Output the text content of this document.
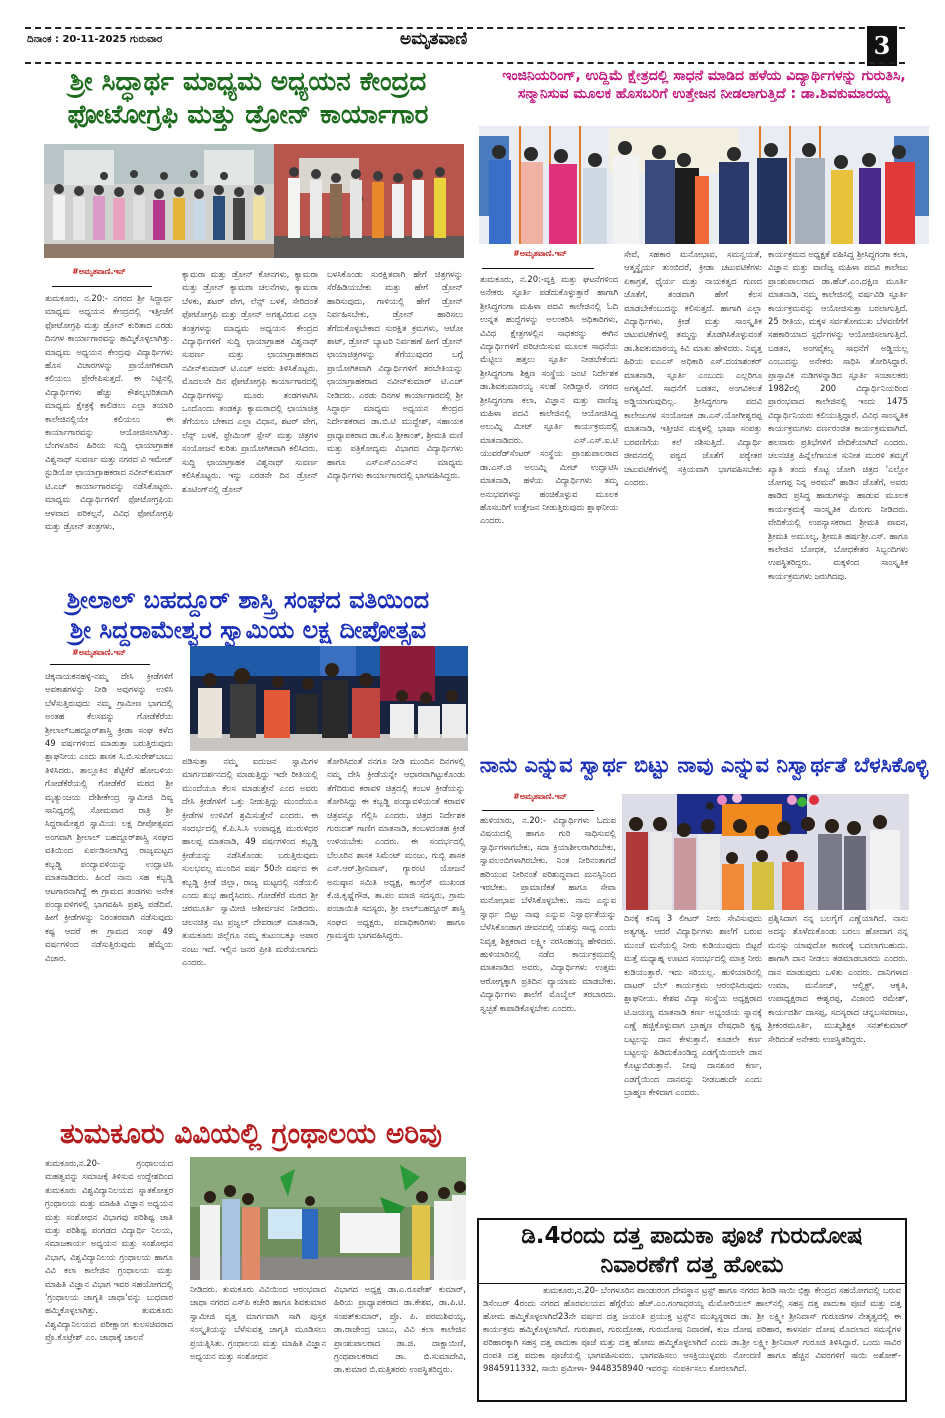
ದಿನಾಂಕ : 20-11-2025 ಗುರುವಾರ	ಅಮೃತವಾಣಿ	3
ಶ್ರೀ ಸಿದ್ಧಾರ್ಥ ಮಾಧ್ಯಮ ಅಧ್ಯಯನ ಕೇಂದ್ರದ
ಫೋಟೋಗ್ರಫಿ ಮತ್ತು ಡ್ರೋನ್ ಕಾರ್ಯಾಗಾರ
#ಅಮೃತವಾಣಿ.ಇನ್
ತುಮಕೂರು, ನ.20:- ನಗರದ ಶ್ರೀ ಸಿದ್ಧಾರ್ಥ ಮಾಧ್ಯಮ ಅಧ್ಯಯನ ಕೇಂದ್ರದಲ್ಲಿ ಇತ್ತೀಚೆಗೆ ಫೋಟೋಗ್ರಫಿ ಮತ್ತು ಡ್ರೋನ್ ಕುರಿತಾದ ಎರಡು ದಿನಗಳ ಕಾರ್ಯಾಗಾರವನ್ನು ಹಮ್ಮಿಕೊಳ್ಳಲಾಗಿತ್ತು. ಮಾಧ್ಯಮ ಅಧ್ಯಯನ ಕೇಂದ್ರವು ವಿದ್ಯಾರ್ಥಿಗಳು ಹೊಸ ವಿಚಾರಗಳನ್ನು ಪ್ರಾಯೋಗಿಕವಾಗಿ ಕಲಿಯಲು ಪ್ರೇರೇಪಿಸುತ್ತದೆ. ಈ ನಿಟ್ಟಿನಲ್ಲಿ ವಿದ್ಯಾರ್ಥಿಗಳು ಹೆಚ್ಚು ಕೌಶಲ್ಯಭರಿತವಾಗಿ ಮಾಧ್ಯಮ ಕ್ಷೇತ್ರಕ್ಕೆ ಕಾಲಿಡಲು ಎಲ್ಲಾ ತಯಾರಿ ಕಾಲೇಜಿನಲ್ಲಿಯೇ ಕಲಿಯಲು ಈ ಕಾರ್ಯಾಗಾರವನ್ನು ಆಯೋಜಿಸಲಾಗಿತ್ತು. ಬೆಂಗಳೂರಿನ ಹಿರಿಯ ಸುದ್ದಿ ಛಾಯಾಗ್ರಾಹಕ ವಿಶ್ವನಾಥ್ ಸುವರ್ಣ ಮತ್ತು ನಗರದ ವಿ ಇಮೇಜ್ ಸ್ಟುಡಿಯೋ ಛಾಯಾಗ್ರಾಹಕರಾದ ನವೀನ್‌ಕುಮಾರ್ ಟಿ.ಎಚ್ ಕಾರ್ಯಾಗಾರವನ್ನು ನಡೆಸಿಕೊಟ್ಟರು. ಮಾಧ್ಯಮ ವಿದ್ಯಾರ್ಥಿಗಳಿಗೆ ಫೋಟೋಗ್ರಫಿಯ ಆಳವಾದ ಪರಿಕಲ್ಪನೆ, ವಿವಿಧ ಫೋಟೋಗ್ರಫಿ ಮತ್ತು ಡ್ರೋನ್ ತಂತ್ರಗಳು,
ಕ್ಯಾಮರಾ ಮತ್ತು ಡ್ರೋನ್ ಕೋನಗಳು, ಕ್ಯಾಮರಾ ಮತ್ತು ಡ್ರೋನ್ ಕ್ಯಾಮರಾ ಚಲನೆಗಳು, ಕ್ಯಾಮರಾ ಬೆಳಕು, ಶಟರ್ ವೇಗ, ಲೆನ್ಸ್ ಬಳಕೆ, ಸೇರಿದಂತೆ ಫೋಟೋಗ್ರಫಿ ಮತ್ತು ಡ್ರೋನ್ ಅಗತ್ಯವಿರುವ ಎಲ್ಲಾ ತಂತ್ರಗಳನ್ನು ಮಾಧ್ಯಮ ಅಧ್ಯಯನ ಕೇಂದ್ರದ ವಿದ್ಯಾರ್ಥಿಗಳಿಗೆ ಸುದ್ದಿ ಛಾಯಾಗ್ರಾಹಕ ವಿಶ್ವನಾಥ್ ಸುವರ್ಣ ಮತ್ತು ಛಾಯಾಗ್ರಾಹಕರಾದ ನವೀನ್‌ಕುಮಾರ್ ಟಿ.ಎಚ್ ಅವರು ತಿಳಿಸಿಕೊಟ್ಟರು. ಮೊದಲನೇ ದಿನ ಫೋಟೋಗ್ರಫಿ ಕಾರ್ಯಾಗಾರದಲ್ಲಿ ವಿದ್ಯಾರ್ಥಿಗಳನ್ನು ಮೂರು ತಂಡಗಳಾಗಿಸಿ ಒಂದೊಂದು ತಂಡಕ್ಕೂ ಕ್ಯಾಮರಾದಲ್ಲಿ ಛಾಯಾಚಿತ್ರ ತೆಗೆಯಲು ಬೇಕಾದ ಎಲ್ಲಾ ವಿಧಾನ, ಶಟರ್ ವೇಗ, ಲೆನ್ಸ್ ಬಳಕೆ, ಫ್ರೇಮಿಂಗ್ ಸ್ಪೇಸ್ ಮತ್ತು ಚಿತ್ರಗಳ ಸಂಯೋಜನೆ ಕುರಿತು ಪ್ರಾಯೋಗಿಕವಾಗಿ ಕಲಿಸಿದರು. ಸುದ್ದಿ ಛಾಯಾಗ್ರಾಹಕ ವಿಶ್ವನಾಥ್ ಸುವರ್ಣ ಕಲಿಸಿಕೊಟ್ಟರು. ಇನ್ನು ಎರಡನೇ ದಿನ ಡ್ರೋನ್ ಶೂಟಿಂಗ್‌ನಲ್ಲಿ ಡ್ರೋನ್
ಬಳಸಿಕೊಂಡು ಸುರಕ್ಷಿತವಾಗಿ ಹೇಗೆ ಚಿತ್ರಗಳನ್ನು ಸೆರೆಹಿಡಿಯಬೇಕು ಮತ್ತು ಹೇಗೆ ಡ್ರೋನ್ ಹಾರಿಸುವುದು, ಗಾಳಿಯಲ್ಲಿ ಹೇಗೆ ಡ್ರೋನ್ ನಿರ್ವಹಿಸಬೇಕು, ಡ್ರೋನ್ ಹಾರಿಸಲು ತೆಗೆದುಕೊಳ್ಳಬೇಕಾದ ಸುರಕ್ಷಿತ ಕ್ರಮಗಳು, ಆಟೋ ಶಾಟ್, ಡ್ರೋನ್ ಬ್ಯಾಟರಿ ನಿರ್ವಹಣೆ ಹೀಗೆ ಡ್ರೋನ್ ಛಾಯಾಚಿತ್ರಗಳನ್ನು ತೆಗೆಯುವುದರ ಬಗ್ಗೆ ಪ್ರಾಯೋಗಿಕವಾಗಿ ವಿದ್ಯಾರ್ಥಿಗಳಿಗೆ ತರಬೇತಿಯನ್ನು ಛಾಯಾಗ್ರಾಹಕರಾದ ನವೀನ್‌ಕುಮಾರ್ ಟಿ.ಎಚ್ ನೀಡಿದರು. ಎರಡು ದಿನಗಳ ಕಾರ್ಯಾಗಾರದಲ್ಲಿ ಶ್ರೀ ಸಿದ್ಧಾರ್ಥ ಮಾಧ್ಯಮ ಅಧ್ಯಯನ ಕೇಂದ್ರದ ನಿರ್ದೇಶಕರಾದ ಡಾ.ಬಿ.ಟಿ ಮುದ್ದೇಶ್, ಸಹಾಯಕ ಪ್ರಾಧ್ಯಾಪಕರಾದ ಡಾ.ಕೆ.ಎ ಶ್ರೀಕಾಂತ್, ಶ್ರೀಮತಿ ಮಣಿ ಮತ್ತು ಪತ್ರಿಕೋದ್ಯಮ ವಿಭಾಗದ ವಿದ್ಯಾರ್ಥಿಗಳು ಹಾಗೂ ಎಸ್‌ಎಸ್‌ಎಂಎಸ್‌ನ ಮಾಧ್ಯಮ ವಿದ್ಯಾರ್ಥಿಗಳು ಕಾರ್ಯಾಗಾರದಲ್ಲಿ ಭಾಗವಹಿಸಿದ್ದರು.
ಇಂಜಿನಿಯರಿಂಗ್, ಉದ್ದಿಮೆ ಕ್ಷೇತ್ರದಲ್ಲಿ ಸಾಧನೆ ಮಾಡಿದ ಹಳೆಯ ವಿದ್ಯಾರ್ಥಿಗಳನ್ನು ಗುರುತಿಸಿ,
ಸನ್ಮಾನಿಸುವ ಮೂಲಕ ಹೊಸಬರಿಗೆ ಉತ್ತೇಜನ ನೀಡಲಾಗುತ್ತಿದೆ : ಡಾ.ಶಿವಕುಮಾರಯ್ಯ
#ಅಮೃತವಾಣಿ.ಇನ್
ತುಮಕೂರು, ನ.20:-ವ್ಯಕ್ತಿ ಮತ್ತು ಘಟನೆಗಳಿಂದ ಅನೇಕರು ಸ್ಫೂರ್ತಿ ಪಡೆದುಕೊಳ್ಳುತ್ತಾರೆ ಹಾಗಾಗಿ ಶ್ರೀಸಿದ್ಧಗಂಗಾ ಮಹಿಳಾ ಪದವಿ ಕಾಲೇಜಿನಲ್ಲಿ ಓದಿ ಉನ್ನತ ಹುದ್ದೆಗಳನ್ನು ಅಲಂಕರಿಸಿ ಅಧಿಕಾರಿಗಳು, ವಿವಿಧ ಕ್ಷೇತ್ರಗಳಲ್ಲಿನ ಸಾಧಕರನ್ನು ಈಗಿನ ವಿದ್ಯಾರ್ಥಿಗಳಿಗೆ ಪರಿಚಯಿಸುವ ಮೂಲಕ ಸಾಧನೆಯ ಮೆಟ್ಟಿಲು ಹತ್ತಲು ಸ್ಫೂರ್ತಿ ನೀಡಬೇಕೆಂದು ಶ್ರೀಸಿದ್ಧಗಂಗಾ ಶಿಕ್ಷಣ ಸಂಸ್ಥೆಯ ಜಂಟಿ ನಿರ್ದೇಶಕ ಡಾ.ಶಿವಕುಮಾರಯ್ಯ ಸಲಹೆ ನೀಡಿದ್ದಾರೆ. ನಗರದ ಶ್ರೀಸಿದ್ಧಗಂಗಾ ಕಲಾ, ವಿಜ್ಞಾನ ಮತ್ತು ವಾಣಿಜ್ಯ ಮಹಿಳಾ ಪದವಿ ಕಾಲೇಜಿನಲ್ಲಿ ಆಯೋಜಿಸಿದ್ದ ಅಲುಮ್ನಿ ಮೀಟ್ ಸ್ಫೂರ್ತಿ ಕಾರ್ಯಕ್ರಮದಲ್ಲಿ ಮಾತನಾಡಿದರು. ಎಸ್.ಎಸ್.ಐ.ಟಿ ಯುವರೆಡ್‌ಸೆಂಟರ್ ಸಂಸ್ಥೆಯ ಪ್ರಾಂಶುಪಾಲರಾದ ಡಾ.ಎಸ್.ಜಿ ಅಲುಮ್ನಿ ಮೀಟ್ ಉದ್ಘಾಟಿಸಿ ಮಾತನಾಡಿ, ಹಳೆಯ ವಿದ್ಯಾರ್ಥಿಗಳು ತಮ್ಮ ಅನುಭವಗಳನ್ನು ಹಂಚಿಕೊಳ್ಳುವ ಮೂಲಕ ಹೊಸಬರಿಗೆ ಉತ್ತೇಜನ ನೀಡುತ್ತಿರುವುದು ಶ್ಲಾಘನೀಯ ಎಂದರು.
ಸೇವೆ, ಸಹಕಾರ ಮನೋಭಾವ, ಸಮನ್ವಯತೆ, ಆತ್ಮಸ್ಥೈರ್ಯ ತುಂಬಿದರೆ, ಕ್ರೀಡಾ ಚಟುವಟಿಕೆಗಳು ಏಕಾಗ್ರತೆ, ಧೈರ್ಯ ಮತ್ತು ನಾಯಕತ್ವದ ಗುಣದ ಜೊತೆಗೆ, ತಂಡವಾಗಿ ಹೇಗೆ ಕೆಲಸ ಮಾಡಬೇಕೆಂಬುದನ್ನು ಕಲಿಸುತ್ತದೆ. ಹಾಗಾಗಿ ಎಲ್ಲಾ ವಿದ್ಯಾರ್ಥಿಗಳು, ಕ್ರೀಡೆ ಮತ್ತು ಸಾಂಸ್ಕೃತಿಕ ಚಟುವಟಿಕೆಗಳಲ್ಲಿ ತಮ್ಮನ್ನು ತೊಡಗಿಸಿಕೊಳ್ಳುವಂತೆ ಡಾ.ಶಿವಕುಮಾರಯ್ಯ ಕಿವಿ ಮಾತು ಹೇಳಿದರು. ನಿವೃತ್ತ ಹಿರಿಯ ಐಎಎಸ್ ಅಧಿಕಾರಿ ಎಸ್.ದಯಾಶಂಕರ್ ಮಾತನಾಡಿ, ಸ್ಫೂರ್ತಿ ಎಂಬುದು ಎಲ್ಲರಿಗೂ ಅಗತ್ಯವಿದೆ. ಸಾಧನೆಗೆ ಬಡತನ, ಅಂಗವಿಕಲತೆ ಅಡ್ಡಿಯಾಗುವುದಿಲ್ಲ. ಶ್ರೀಸಿದ್ಧಗಂಗಾ ಪದವಿ ಕಾಲೇಜುಗಳ ಸಂಯೋಜಕ ಡಾ.ಎಸ್.ಯೋಗೀಶ್ವರಪ್ಪ ಮಾತನಾಡಿ, ಇತ್ತೀಚಿನ ಮಕ್ಕಳಲ್ಲಿ ಭಾಷಾ ಸಂಪತ್ತು ಬರವಣಿಗೆಯ ಕಲೆ ನಶಿಸುತ್ತಿದೆ. ವಿದ್ಯಾರ್ಥಿ ಜೀವನದಲ್ಲಿ ಪಠ್ಯದ ಜೊತೆಗೆ ಪಠ್ಯೇತರ ಚಟುವಟಿಕೆಗಳಲ್ಲಿ ಸಕ್ರಿಯವಾಗಿ ಭಾಗವಹಿಸಬೇಕು ಎಂದರು.
ಕಾರ್ಯಕ್ರಮದ ಅಧ್ಯಕ್ಷತೆ ವಹಿಸಿದ್ದ ಶ್ರೀಸಿದ್ಧಗಂಗಾ ಕಲಾ, ವಿಜ್ಞಾನ ಮತ್ತು ವಾಣಿಜ್ಯ ಮಹಿಳಾ ಪದವಿ ಕಾಲೇಜು ಪ್ರಾಂಶುಪಾಲರಾದ ಡಾ.ಹೆಚ್.ಎಂ.ದಕ್ಷಿಣ ಮೂರ್ತಿ ಮಾತನಾಡಿ, ನಮ್ಮ ಕಾಲೇಜಿನಲ್ಲಿ ವರ್ಷವಿಡಿ ಸ್ಫೂರ್ತಿ ಕಾರ್ಯಕ್ರಮವನ್ನು ಆಯೋಜಿಸುತ್ತಾ ಬರಲಾಗುತ್ತಿದೆ. 25 ರೀತಿಯ, ಮಕ್ಕಳ ಸರ್ವತೋಮುಖ ಬೆಳವಣಿಗೆಗೆ ಸಹಕಾರಿಯಾದ ಸ್ಪರ್ಧೆಗಳನ್ನು ಆಯೋಜಿಸಲಾಗುತ್ತಿದೆ. ಬಡತನ, ಅಂಗವೈಕಲ್ಯ ಸಾಧನೆಗೆ ಅಡ್ಡಿಯಲ್ಲ ಎಂಬುದನ್ನು ಅನೇಕರು ಸಾಧಿಸಿ ತೋರಿಸಿದ್ದಾರೆ. ಪ್ರಾಸ್ತಾವಿಕ ನುಡಿಗಳನ್ನಾಡಿದ ಸ್ಫೂರ್ತಿ ಸಂಚಾಲಕರು 1982ರಲ್ಲಿ 200 ವಿದ್ಯಾರ್ಥಿನಿಯರಿಂದ ಪ್ರಾರಂಭವಾದ ಕಾಲೇಜಿನಲ್ಲಿ ಇಂದು 1475 ವಿದ್ಯಾರ್ಥಿನಿಯರು ಕಲಿಯುತ್ತಿದ್ದಾರೆ. ವಿವಿಧ ಸಾಂಸ್ಕೃತಿಕ ಕಾರ್ಯಕ್ರಮಗಳು ವರ್ಣರಂಜಿತ ಕಾರ್ಯಕ್ರಮವಾಗಿದೆ. ಹಲವಾರು ಪ್ರತಿಭೆಗಳಿಗೆ ವೇದಿಕೆಯಾಗಿದೆ ಎಂದರು. ಚಲನಚಿತ್ರ ಹಿನ್ನೆಲೆಗಾಯಕ ಸುನೀತ ಮುರಳಿ ತಮ್ಮಗೆ ಖ್ಯಾತಿ ತಂದು ಕೊಟ್ಟ ಜೋಗಿ ಚಿತ್ರದ 'ಎಲ್ಲೋ ಜೋಗಪ್ಪ ನಿನ್ನ ಅರಮನೆ' ಹಾಡಿನ ಜೊತೆಗೆ, ಅವರು ಹಾಡಿದ ಪ್ರಸಿದ್ಧ ಹಾಡುಗಳನ್ನು ಹಾಡುವ ಮೂಲಕ ಕಾರ್ಯಕ್ರಮಕ್ಕೆ ಸಾಂಸ್ಕೃತಿಕ ಮೆರುಗು ನೀಡಿದರು. ವೇದಿಕೆಯಲ್ಲಿ ಉಪನ್ಯಾಸಕರಾದ ಶ್ರೀಮತಿ ಪಾವನ, ಶ್ರೀಮತಿ ಅಮೂಲ್ಯ, ಶ್ರೀಮತಿ ಹರ್ಷಶ್ರೀ.ಎಸ್. ಹಾಗೂ ಕಾಲೇಜಿನ ಬೋಧಕ, ಬೋಧಕೇತರ ಸಿಬ್ಬಂದಿಗಳು ಉಪಸ್ಥಿತರಿದ್ದರು. ಮಕ್ಕಳಿಂದ ಸಾಂಸ್ಕೃತಿಕ ಕಾರ್ಯಕ್ರಮಗಳು ಜರುಗಿದವು.
ಶ್ರೀಲಾಲ್ ಬಹದ್ದೂರ್ ಶಾಸ್ತ್ರಿ ಸಂಘದ ವತಿಯಿಂದ
ಶ್ರೀ ಸಿದ್ದರಾಮೇಶ್ವರ ಸ್ವಾಮಿಯ ಲಕ್ಷ ದೀಪೋತ್ಸವ
#ಅಮೃತವಾಣಿ.ಇನ್
ಚಿಕ್ಕನಾಯಕನಹಳ್ಳಿ-ನಮ್ಮ ದೇಸಿ ಕ್ರೀಡೆಗಳಿಗೆ ಅವಕಾಶಗಳನ್ನು ನೀಡಿ ಅವುಗಳನ್ನು ಉಳಿಸಿ ಬೆಳೆಸುತ್ತಿರುವುದು ನಮ್ಮ ಗ್ರಾಮೀಣ ಭಾಗದಲ್ಲಿ ಅಂತಹ ಕೆಲಸವನ್ನು ಗೋಡೆಕೆರೆಯ ಶ್ರೀಲಾಲ್‌ಬಹದ್ದೂರ್‌ಶಾಸ್ತ್ರಿ ಕ್ರೀಡಾ ಸಂಘ ಕಳೆದ 49 ವರ್ಷಗಳಿಂದ ಮಾಡುತ್ತಾ ಬರುತ್ತಿರುವುದು ಶ್ಲಾಘನೀಯ ಎಂದು ಶಾಸಕ ಸಿ.ಬಿ.ಸುರೇಶ್‌ಬಾಬು ತಿಳಿಸಿದರು. ತಾಲ್ಲೂಕಿನ ಶೆಟ್ಟಿಕೆರೆ ಹೋಬಳಿಯ ಗೋಡೆಕೆರೆಯಲ್ಲಿ ಗೋಡೆಕೆರೆ ಮಠದ ಶ್ರೀ ಮೃತ್ಯುಂಜಯ ದೇಶೀಕೇಂದ್ರ ಸ್ವಾಮೀಜಿ ದಿವ್ಯ ಸಾನಿಧ್ಯದಲ್ಲಿ ಸೋಮವಾರ ರಾತ್ರಿ ಶ್ರೀ ಸಿದ್ದರಾಮೇಶ್ವರ ಸ್ವಾಮಿಯ ಲಕ್ಷ ದೀಪೋತ್ಸವದ ಅಂಗವಾಗಿ ಶ್ರೀಲಾಲ್ ಬಹದ್ದೂರ್‌ಶಾಸ್ತ್ರಿ ಸಂಘದ ವತಿಯಿಂದ ಏರ್ಪಡಿಸಲಾಗಿದ್ದ ರಾಜ್ಯಮಟ್ಟದ ಕಬ್ಬಡ್ಡಿ ಪಂದ್ಯಾವಳಿಯನ್ನು ಉದ್ಘಾಟಿಸಿ ಮಾತನಾಡಿದರು. ಹಿಂದೆ ನಾನು ಸಹ ಕಬ್ಬಡ್ಡಿ ಆಟಗಾರನಾಗಿದ್ದೆ ಈ ಗ್ರಾಮದ ತಂಡಗಳು ಅನೇಕ ಪಂದ್ಯಾವಳಿಗಳಲ್ಲಿ ಭಾಗವಹಿಸಿ ಪ್ರಶಸ್ತಿ ಪಡೆದಿವೆ. ಹೀಗೆ ಕ್ರೀಡೆಗಳನ್ನು ನಿರಂತರವಾಗಿ ನಡೆಸುವುದು ಕಷ್ಟ ಆದರೆ ಈ ಗ್ರಾಮದ ಸಂಘ 49 ವರ್ಷಗಳಿಂದ ನಡೆಸುತ್ತಿರುವುದು ಹೆಮ್ಮೆಯ ವಿಚಾರ.
ಪಡಿಸುತ್ತಾ ನಮ್ಮ ಐದುಜನ ಸ್ವಾಮಿಗಳ ಮಾರ್ಗದರ್ಶನದಲ್ಲಿ ಮಾಡುತ್ತಿದ್ದು ಇದೇ ರೀತಿಯಲ್ಲಿ ಮುಂದೆಯೂ ಕೆಲಸ ಮಾಡುತ್ತೇನೆ ಎಂದ ಅವರು ದೇಸಿ ಕ್ರೀಡೆಗಳಿಗೆ ಒತ್ತು ನೀಡುತ್ತಿದ್ದು ಮುಂದೆಯೂ ಕ್ರೀಡೆಗಳ ಉಳಿವಿಗೆ ಶ್ರಮಿಸುತ್ತೇನೆ ಎಂದರು. ಈ ಸಂದರ್ಭದಲ್ಲಿ ಕೆ.ಪಿ.ಸಿ.ಸಿ ಉಪಾಧ್ಯಕ್ಷ ಮುರುಳಿಧರ ಹಾಲಪ್ಪ ಮಾತನಾಡಿ, 49 ವರ್ಷಗಳಿಂದ ಕಬ್ಬಡ್ಡಿ ಕ್ರೀಡೆಯನ್ನು ನಡೆಸಿಕೊಂಡು ಬರುತ್ತಿರುವುದು ಸುಲಭವಲ್ಲ ಮುಂದಿನ ವರ್ಷ 50ನೇ ವರ್ಷದ ಈ ಕಬ್ಬಡ್ಡಿ ಕ್ರೀಡೆ ಜಿಲ್ಲಾ, ರಾಜ್ಯ ಮಟ್ಟದಲ್ಲಿ ನಡೆಯಲಿ ಎಂದು ಶುಭ ಹಾರೈಸಿದರು. ಗೋಡೆಕೆರೆ ಮಠದ ಶ್ರೀ ಚರಮೂರ್ತಿ ಸ್ವಾಮೀಜಿ ಆಶೀರ್ವಚನ ನೀಡಿದರು. ಚಲನಚಿತ್ರ ನಟ ಪ್ರಜ್ವಲ್ ದೇವರಾಜ್ ಮಾತನಾಡಿ, ತುಮಕೂರು ಜಿಲ್ಲೆಗೂ ನಮ್ಮ ಕುಟುಂಬಕ್ಕೂ ಅಪಾರ ನಂಟು ಇದೆ. ಇಲ್ಲಿನ ಜನರ ಪ್ರೀತಿ ಮರೆಯಲಾಗದು ಎಂದರು.
ತೋರಿಸಿದಂತೆ ನನಗೂ ನೀಡಿ ಮುಂದಿನ ದಿನಗಳಲ್ಲಿ ನಮ್ಮ ದೇಸಿ ಕ್ರೀಡೆಯನ್ನೇ ಆಧಾರವಾಗಿಟ್ಟುಕೊಂಡು ತೆಗೆದಿರುವ ಕರಾವಳಿ ಚಿತ್ರದಲ್ಲಿ ಕಂಬಳ ಕ್ರೀಡೆಯನ್ನು ತೋರಿಸಿದ್ದು ಈ ಕಬ್ಬಡ್ಡಿ ಪಂದ್ಯಾವಳಿಯಂತೆ ಕರಾವಳಿ ಚಿತ್ರವನ್ನೂ ಗೆಲ್ಲಿಸಿ ಎಂದರು. ಚಿತ್ರದ ನಿರ್ದೇಶಕ ಗುರುದತ್ ಗಾಣಿಗ ಮಾತನಾಡಿ, ಕಂಬಳದಂತಹ ಕ್ರೀಡೆ ಉಳಿಯಬೇಕು ಎಂದರು. ಈ ಸಂದರ್ಭದಲ್ಲಿ ಬೆಲೂರಿನ ಶಾಸಕ ಸಿಮೆಂಟ್ ಮಂಜು, ಗುಬ್ಬಿ ಶಾಸಕ ಎಸ್.ಆರ್.ಶ್ರೀನಿವಾಸ್, ಗ್ಯಾರಂಟಿ ಯೋಜನೆ ಅನುಷ್ಠಾನ ಸಮಿತಿ ಅಧ್ಯಕ್ಷ, ಕಾಂಗ್ರೆಸ್ ಮುಖಂಡ ಕೆ.ಜಿ.ಕೃಷ್ಣೆಗೌಡ, ತಾ.ಪಂ ಮಾಜಿ ಸದಸ್ಯರು, ಗ್ರಾಮ ಪಂಚಾಯಿತಿ ಸದಸ್ಯರು, ಶ್ರೀ ಲಾಲ್‌ಬಹದ್ದೂರ್ ಶಾಸ್ತ್ರಿ ಸಂಘದ ಅಧ್ಯಕ್ಷರು, ಪದಾಧಿಕಾರಿಗಳು ಹಾಗೂ ಗ್ರಾಮಸ್ಥರು ಭಾಗವಹಿಸಿದ್ದರು.
ನಾನು ಎನ್ನುವ ಸ್ವಾರ್ಥ ಬಿಟ್ಟು ನಾವು ಎನ್ನುವ ನಿಸ್ವಾರ್ಥತೆ ಬೆಳಸಿಕೊಳ್ಳಿ
#ಅಮೃತವಾಣಿ.ಇನ್
ಹುಳಿಯಾರು, ನ.20:- ವಿದ್ಯಾರ್ಥಿಗಳು ಓದುವ ವಿಷಯದಲ್ಲಿ ಹಾಗೂ ಗುರಿ ಸಾಧಿಸುವಲ್ಲಿ ಸ್ವಾರ್ಥಿಗಳಾಗಬೇಕು, ಸದಾ ಕ್ರಿಯಾಶೀಲರಾಗಿರಬೇಕು, ಸ್ವಾವಲಂಬಿಗಳಾಗಿರಬೇಕು. ನಿಂತ ನೀರಿನಂತಾಗದೆ ಹರಿಯುವ ನೀರಿನಂತೆ ಪರಿಶುದ್ಧವಾದ ಮನಸ್ಸಿನಿಂದ ಇರಬೇಕು. ಪ್ರಾಮಾಣಿಕತೆ ಹಾಗೂ ಸೇವಾ ಮನೋಭಾವ ಬೆಳೆಸಿಕೊಳ್ಳಬೇಕು. ನಾನು ಎನ್ನುವ ಸ್ವಾರ್ಥ ಬಿಟ್ಟು ನಾವು ಎನ್ನುವ ನಿಸ್ವಾರ್ಥತೆಯನ್ನು ಬೆಳೆಸಿಕೊಂಡಾಗ ಜೀವನದಲ್ಲಿ ಯಶಸ್ಸು ಸಾಧ್ಯ ಎಂದು ನಿವೃತ್ತ ಶಿಕ್ಷಕರಾದ ಲಕ್ಷ್ಮೀ ನರಸಿಂಹಯ್ಯ ಹೇಳಿದರು. ಹುಳಿಯಾರಿನಲ್ಲಿ ನಡೆದ ಕಾರ್ಯಕ್ರಮದಲ್ಲಿ ಮಾತನಾಡಿದ ಅವರು, ವಿದ್ಯಾರ್ಥಿಗಳು ಉತ್ತಮ ಆರೋಗ್ಯಕ್ಕಾಗಿ ಪ್ರತಿದಿನ ವ್ಯಾಯಾಮ ಮಾಡಬೇಕು. ವಿದ್ಯಾರ್ಥಿಗಳು ಶಾಲೆಗೆ ಮೊಬೈಲ್ ತರಬಾರದು. ಸ್ವಚ್ಛತೆ ಕಾಪಾಡಿಕೊಳ್ಳಬೇಕು ಎಂದರು.
ದಿನಕ್ಕೆ ಕನಿಷ್ಠ 3 ಲೀಟರ್ ನೀರು ಸೇವಿಸುವುದು ಅತ್ಯಗತ್ಯ. ಆದರೆ ವಿದ್ಯಾರ್ಥಿಗಳು ಶಾಲೆಗೆ ಬರುವ ಮುಂಚೆ ಮನೆಯಲ್ಲಿ ನೀರು ಕುಡಿಯುವುದು ಬಿಟ್ಟರೆ ಮತ್ತೆ ಮಧ್ಯಾಹ್ನ ಊಟದ ಸಂದರ್ಭದಲ್ಲಿ ಮಾತ್ರ ನೀರು ಕುಡಿಯುತ್ತಾರೆ. ಇದು ಸರಿಯಲ್ಲ. ಹುಳಿಯಾರಿನಲ್ಲಿ ವಾಟರ್ ಬೆಲ್ ಕಾರ್ಯಕ್ರಮ ಆರಂಭಿಸಿರುವುದು ಶ್ಲಾಘನೀಯ. ಕೇಶವ ವಿದ್ಯಾ ಸಂಸ್ಥೆಯ ಅಧ್ಯಕ್ಷರಾದ ಟಿ.ಜಯಣ್ಣ ಮಾತನಾಡಿ ಕರ್ಣ ಅಭ್ಯಂಜಿಯ ಸ್ನಾನಕ್ಕೆ ಎಣ್ಣೆ ಹಚ್ಚಿಕೊಳ್ಳುವಾಗ ಬ್ರಾಹ್ಮಣ ವೇಷಧಾರಿ ಕೃಷ್ಣ ಬಟ್ಟಲನ್ನು ದಾನ ಕೇಳುತ್ತಾನೆ. ಕೂಡಲೇ ಕರ್ಣ ಬಟ್ಟಲನ್ನು ಹಿಡಿದುಕೊಂಡಿದ್ದ ಎಡಗೈಯಿಂದಲೇ ದಾನ ಕೊಟ್ಟುಬಿಡುತ್ತಾನೆ. ನೀವು ದಾನಶೂರ ಕರ್ಣ, ಎಡಗೈಯಿಂದ ದಾನವನ್ನು ನೀಡಬಹುದೇ ಎಂದು ಬ್ರಾಹ್ಮಣ ಕೇಳಿದಾಗ ಎಂದರು.
ಪ್ರಶ್ನಿಸಿದಾಗ ನನ್ನ ಬಲಗೈಗೆ ಎಣ್ಣೆಯಾಗಿದೆ. ನಾನು ಅದನ್ನು ತೊಳೆದುಕೊಂಡು ಬರಲು ಹೋದಾಗ ನನ್ನ ಮನಸ್ಸು ಯಾವುದೋ ಕಾರಣಕ್ಕೆ ಬದಲಾಗಬಹುದು. ಹಾಗಾಗಿ ದಾನ ನೀಡಲು ತಡಮಾಡಬಾರದು ಎಂದರು. ದಾನ ಮಾಡುವುದು ಒಳಿತು ಎಂದರು. ದಾನಿಗಳಾದ ಉಮಾ, ಮನೋಜ್, ಆಲ್ವಿಕ್ಟ್, ಆಕೃತಿ, ಉಪಾಧ್ಯಕ್ಷರಾದ ಈಶ್ವರಪ್ಪ, ವಿಜಾಂಬಿ ರಮೇಶ್, ಕಾರ್ಯದರ್ಶಿ ದಾಸಪ್ಪ, ಸದಸ್ಯರಾದ ಚನ್ನಬಸವರಾಜು, ಶ್ರೀಕಂಠಮೂರ್ತಿ, ಮುಖ್ಯಶಿಕ್ಷಕ ಸನತ್‌ಕುಮಾರ್ ಸೇರಿದಂತೆ ಅನೇಕರು ಉಪಸ್ಥಿತರಿದ್ದರು.
ತುಮಕೂರು ವಿವಿಯಲ್ಲಿ ಗ್ರಂಥಾಲಯ ಅರಿವು
ತುಮಕೂರು,ನ.20- ಗ್ರಂಥಾಲಯದ ಮಹತ್ವವನ್ನು ಸಮಾಜಕ್ಕೆ ತಿಳಿಸುವ ಉದ್ದೇಶದಿಂದ ತುಮಕೂರು ವಿಶ್ವವಿದ್ಯಾನಿಲಯದ ಸ್ನಾತಕೋತ್ತರ ಗ್ರಂಥಾಲಯ ಮತ್ತು ಮಾಹಿತಿ ವಿಜ್ಞಾನ ಅಧ್ಯಯನ ಮತ್ತು ಸಂಶೋಧನ ವಿಭಾಗವು ಪರಿಶಿಷ್ಟ ಜಾತಿ ಮತ್ತು ಪರಿಶಿಷ್ಟ ಪಂಗಡದ ವಿದ್ಯಾರ್ಥಿ ನಿಲಯ, ಸಮಾಜಕಾರ್ಯ ಅಧ್ಯಯನ ಮತ್ತು ಸಂಶೋಧನ ವಿಭಾಗ, ವಿಶ್ವವಿದ್ಯಾನಿಲಯ ಗ್ರಂಥಾಲಯ ಹಾಗೂ ವಿವಿ ಕಲಾ ಕಾಲೇಜಿನ ಗ್ರಂಥಾಲಯ ಮತ್ತು ಮಾಹಿತಿ ವಿಜ್ಞಾನ ವಿಭಾಗ ಇವರ ಸಹಯೋಗದಲ್ಲಿ 'ಗ್ರಂಥಾಲಯ ಜಾಗೃತಿ ಜಾಥಾ'ವನ್ನು ಬುಧವಾರ ಹಮ್ಮಿಕೊಳ್ಳಲಾಗಿತ್ತು. ತುಮಕೂರು ವಿಶ್ವವಿದ್ಯಾನಿಲಯದ ಪರೀಕ್ಷಾಂಗ ಕುಲಸಚಿವರಾದ ಪ್ರೊ.ಕೊಟ್ರೇಶ್ ಎಂ. ಜಾಥಾಕ್ಕೆ ಚಾಲನೆ
ನೀಡಿದರು. ತುಮಕೂರು ವಿವಿಯಿಂದ ಆರಂಭವಾದ ಜಾಥಾ ನಗರದ ಎಸ್‌ಪಿ ಕಚೇರಿ ಹಾಗೂ ಶಿವಕುಮಾರ ಸ್ವಾಮೀಜಿ ವೃತ್ತ ಮಾರ್ಗವಾಗಿ ಸಾಗಿ ಪುಸ್ತಕ ಸಂಸ್ಕೃತಿಯನ್ನು ಬೆಳೆಸುವತ್ತ ಜಾಗೃತಿ ಮೂಡಿಸಲು ಪ್ರಯತ್ನಿಸಿತು. ಗ್ರಂಥಾಲಯ ಮತ್ತು ಮಾಹಿತಿ ವಿಜ್ಞಾನ ಅಧ್ಯಯನ ಮತ್ತು ಸಂಶೋಧನ
ವಿಭಾಗದ ಅಧ್ಯಕ್ಷ ಡಾ.ಎ.ರೂಪೇಶ್ ಕುಮಾರ್, ಹಿರಿಯ ಪ್ರಾಧ್ಯಾಪಕರಾದ ಡಾ.ಕೇಶವ, ಡಾ.ಪಿ.ಟಿ. ಸಂಪತ್‌ಕುಮಾರ್, ಪ್ರೊ. ಪಿ. ಪರಮಶಿವಯ್ಯ, ಡಾ.ರಾಜೇಂದ್ರ ಬಾಬು, ವಿವಿ ಕಲಾ ಕಾಲೇಜಿನ ಪ್ರಾಂಶುಪಾಲರಾದ ಡಾ.ಜಿ. ದಾಕ್ಷಾಯಿಣಿ, ಗ್ರಂಥಪಾಲಕರಾದ ಡಾ. ಬಿ.ಸುಮಾದೇವಿ, ಡಾ.ಕುಮಾರ ಬಿ.ಮತ್ತಿತರರು ಉಪಸ್ಥಿತರಿದ್ದರು.
ಡಿ.4ರಂದು ದತ್ತ ಪಾದುಕಾ ಪೂಜೆ ಗುರುದೋಷ
ನಿವಾರಣೆಗೆ ದತ್ತ ಹೋಮ
ತುಮಕೂರು,ನ.20- ಬೆಂಗಳೂರಿನ ಪಾಂಡುರಂಗ ದೇವಸ್ಥಾನ ಟ್ರಸ್ಟ್ ಹಾಗೂ ನಗರದ ಶಿರಡಿ ಸಾಯಿ ಭಿಕ್ಷಾ ಕೇಂದ್ರದ ಸಹಯೋಗದಲ್ಲಿ ಬರುವ ಡಿಸೆಂಬರ್ 4ರಂದು ನಗರದ ಹೊರವಲಯದ ಹೆಗ್ಗೆರೆಯ ಹೆಚ್.ಎಂ.ಗಂಗಾಧರಯ್ಯ ಮೆಮೋರಿಯಲ್ ಹಾಲ್‌ನಲ್ಲಿ ಸಹಸ್ರ ದತ್ತ ಪಾದುಕಾ ಪೂಜೆ ಮತ್ತು ದತ್ತ ಹೋಮ ಹಮ್ಮಿಕೊಳ್ಳಲಾಗಿದೆ23ನೇ ವರ್ಷದ ದತ್ತ ಜಯಂತಿ ಪ್ರಯುಕ್ತ ಟ್ರಸ್ಟ್‌ನ ಮುಖ್ಯಸ್ಥರಾದ ಡಾ. ಶ್ರೀ ಲಕ್ಷ್ಮೀ ಶ್ರೀನಿವಾಸ್ ಗುರೂಜಿಗಳ ನೇತೃತ್ವದಲ್ಲಿ ಈ ಕಾರ್ಯಕ್ರಮ ಹಮ್ಮಿಕೊಳ್ಳಲಾಗಿದೆ. ಗುರುಶಾಪ, ಗುರುದ್ರೋಹ, ಗುರುದೋಷ ನಿವಾರಣೆ, ಕುಜ ದೋಷ ಪರಿಹಾರ, ಕಾಳಸರ್ಪ ದೋಷ ಮೊದಲಾದ ಸಮಸ್ಯೆಗಳ ಪರಿಹಾರಕ್ಕಾಗಿ ಸಹಸ್ರ ದತ್ತ ಪಾದುಕಾ ಪೂಜೆ ಮತ್ತು ದತ್ತ ಹೋಮ ಹಮ್ಮಿಕೊಳ್ಳಲಾಗಿದೆ ಎಂದು ಡಾ.ಶ್ರೀ ಲಕ್ಷ್ಮೀ ಶ್ರೀನಿವಾಸ್ ಗುರೂಜಿ ತಿಳಿಸಿದ್ದಾರೆ. ಒಂದು ಸಾವಿರ ದಂಪತಿ ದತ್ತ ಪದುಕಾ ಪೂಜೆಯಲ್ಲಿ ಭಾಗವಹಿಸುವರು. ಭಾಗವಹಿಸಲು ಆಸಕ್ತಿಯುಳ್ಳವರು ನೋಂದಣಿ ಹಾಗೂ ಹೆಚ್ಚಿನ ವಿವರಗಳಿಗೆ ಸಾಯಿ ಅಶೋಕ್- 9845911332, ಸಾಯಿ ಪ್ರಮೀಳಾ- 9448358940 ಇವರನ್ನು ಸಂಪರ್ಕಿಸಲು ಕೋರಲಾಗಿದೆ.
